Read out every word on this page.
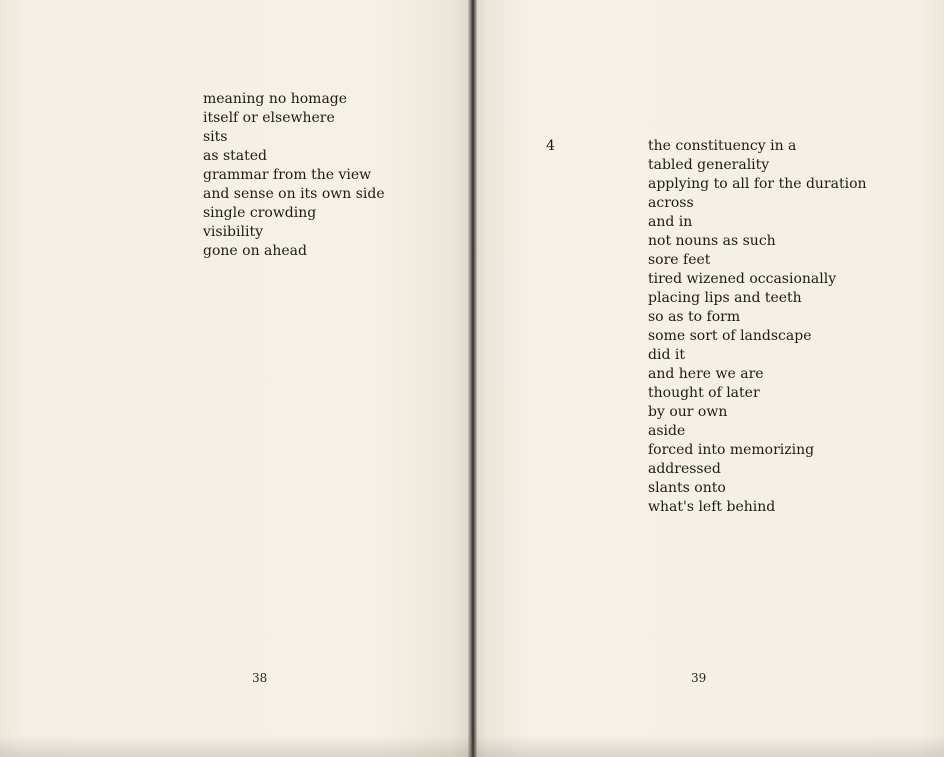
meaning no homage
itself or elsewhere
sits
as stated
grammar from the view
and sense on its own side
single crowding
visibility
gone on ahead
38
4	the constituency in a
tabled generality
applying to all for the duration
across
and in
not nouns as such
sore feet
tired wizened occasionally
placing lips and teeth
so as to form
some sort of landscape
did it
and here we are
thought of later
by our own
aside
forced into memorizing
addressed
slants onto
what's left behind
39
